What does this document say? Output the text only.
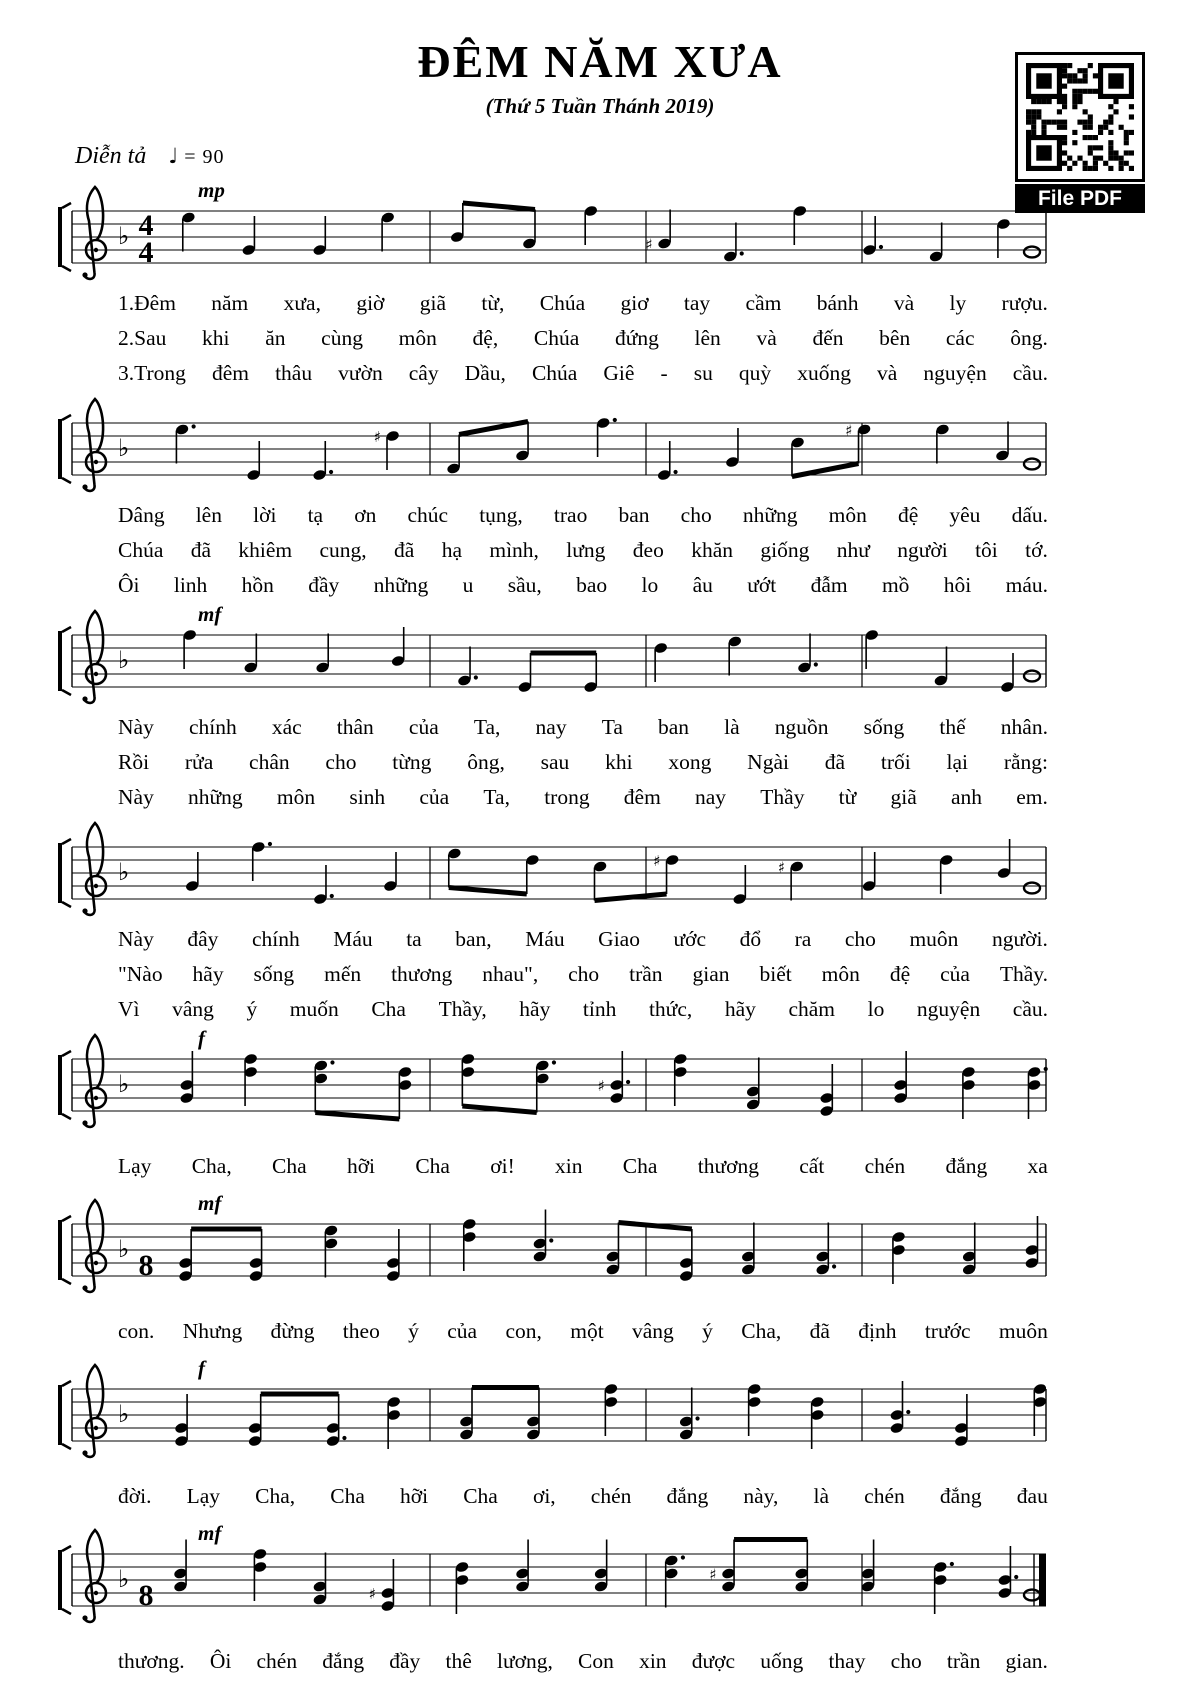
ĐÊM NĂM XƯA
(Thứ 5 Tuần Thánh 2019)
Diễn tả ♩ = 90
File PDF
♭ 4
4
mp
♯
1.Đêm năm xưa, giờ giã từ, Chúa giơ tay cầm bánh và ly rượu.
2.Sau khi ăn cùng môn đệ, Chúa đứng lên và đến bên các ông.
3.Trong đêm thâu vườn cây Dầu, Chúa Giê - su quỳ xuống và nguyện cầu.
♭	♯	♯
Dâng lên lời tạ ơn chúc tụng, trao ban cho những môn đệ yêu dấu.
Chúa đã khiêm cung, đã hạ mình, lưng đeo khăn giống như người tôi tớ.
Ôi linh hồn đầy những u sầu, bao lo âu ướt đẫm mồ hôi máu.
♭
mf
Này chính xác thân của Ta, nay Ta ban là nguồn sống thế nhân.
Rồi rửa chân cho từng ông, sau khi xong Ngài đã trối lại rằng:
Này những môn sinh của Ta, trong đêm nay Thầy từ giã anh em.
♭	♯	♯
Này đây chính Máu ta ban, Máu Giao ước đổ ra cho muôn người.
"Nào hãy sống mến thương nhau", cho trần gian biết môn đệ của Thầy.
Vì vâng ý muốn Cha Thầy, hãy tỉnh thức, hãy chăm lo nguyện cầu.
♭
f
♯
Lạy Cha, Cha hỡi Cha ơi! xin Cha thương cất chén đắng xa
♭ 8
mf
con. Nhưng đừng theo ý của con, một vâng ý Cha, đã định trước muôn
♭
f
đời. Lạy Cha, Cha hỡi Cha ơi, chén đắng này, là chén đắng đau
♭ 8
mf
♯
♯
thương. Ôi chén đắng đầy thê lương, Con xin được uống thay cho trần gian.
